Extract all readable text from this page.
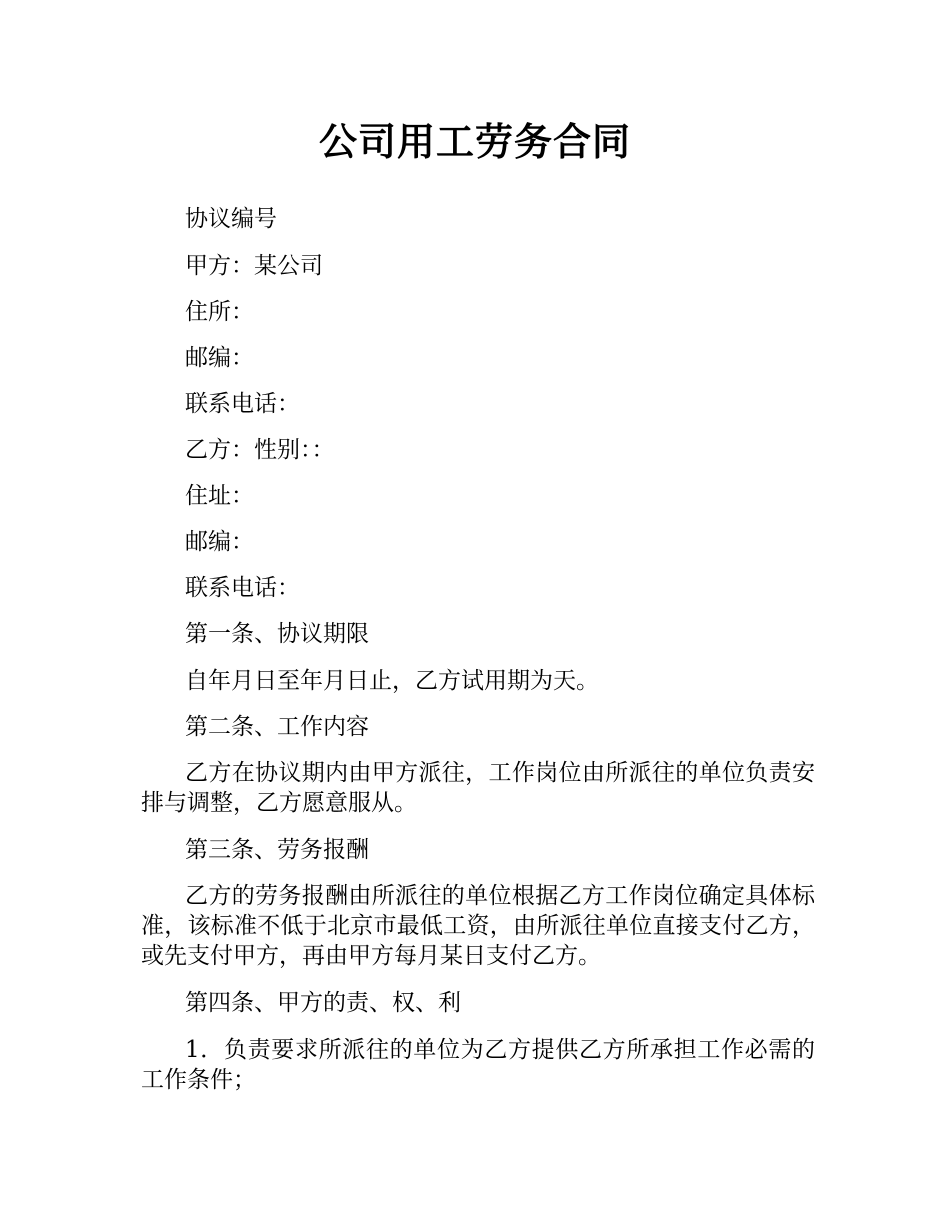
公司用工劳务合同

协议编号

甲方：某公司

住所：

邮编：

联系电话：

乙方：性别：：

住址：

邮编：

联系电话：

第一条、协议期限

自年月日至年月日止，乙方试用期为天。

第二条、工作内容

乙方在协议期内由甲方派往，工作岗位由所派往的单位负责安排与调整，乙方愿意服从。

第三条、劳务报酬

乙方的劳务报酬由所派往的单位根据乙方工作岗位确定具体标准，该标准不低于北京市最低工资，由所派往单位直接支付乙方，或先支付甲方，再由甲方每月某日支付乙方。

第四条、甲方的责、权、利

1．负责要求所派往的单位为乙方提供乙方所承担工作必需的工作条件；
